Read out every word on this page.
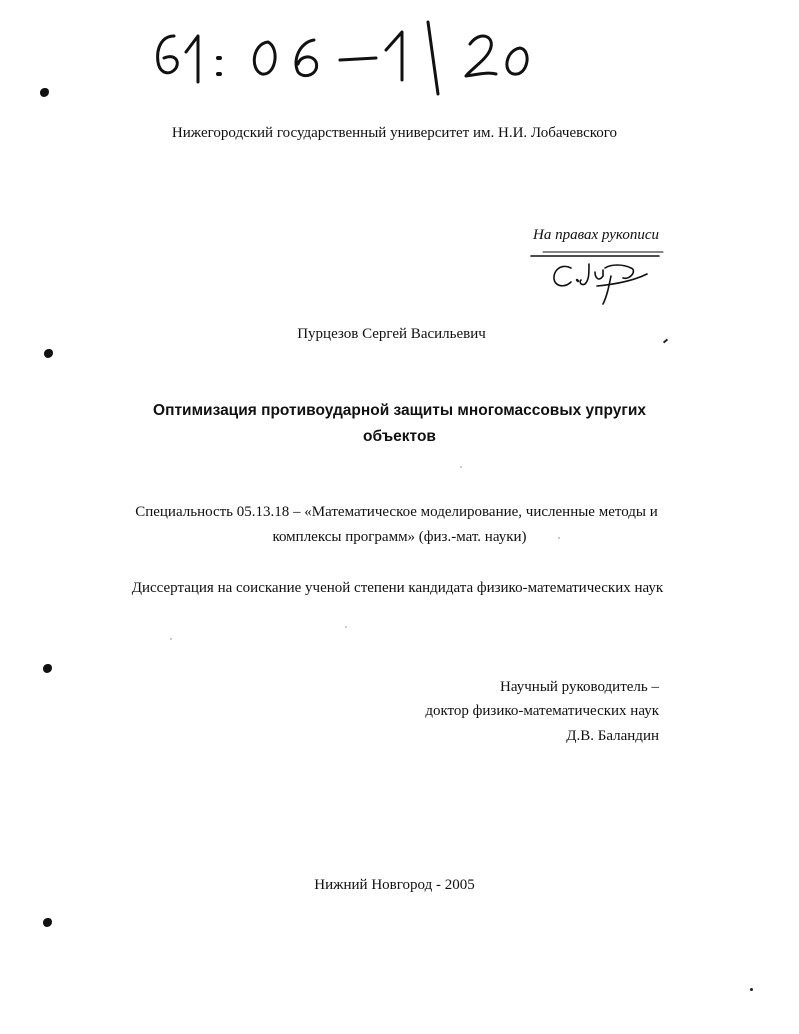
Нижегородский государственный университет им. Н.И. Лобачевского
На правах рукописи
Пурцезов Сергей Васильевич
Оптимизация противоударной защиты многомассовых упругих
объектов
Специальность 05.13.18 – «Математическое моделирование, численные методы и
комплексы программ» (физ.-мат. науки)
Диссертация на соискание ученой степени кандидата физико-математических наук
Научный руководитель –
доктор физико-математических наук
Д.В. Баландин
Нижний Новгород - 2005
